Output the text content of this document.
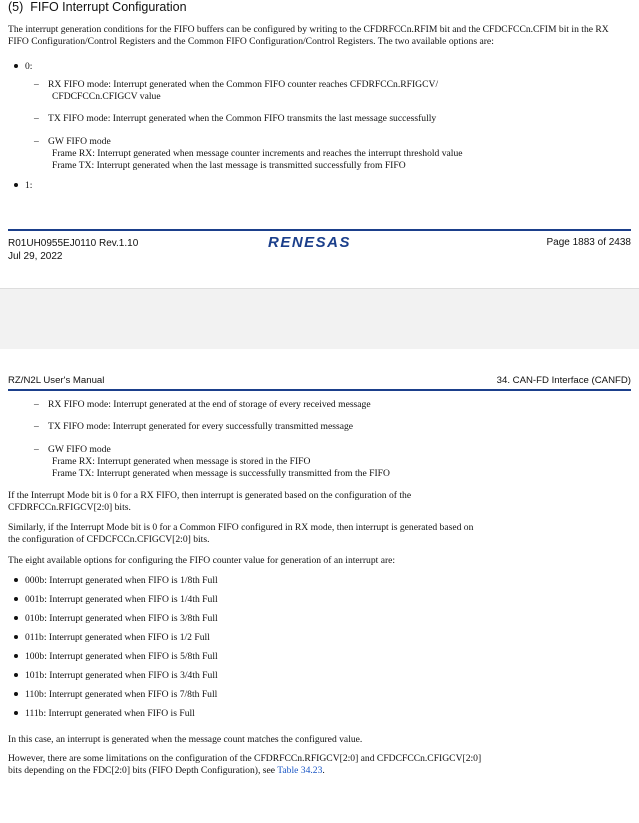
(5)  FIFO Interrupt Configuration
The interrupt generation conditions for the FIFO buffers can be configured by writing to the CFDRFCCn.RFIM bit and the CFDCFCCn.CFIM bit in the RX FIFO Configuration/Control Registers and the Common FIFO Configuration/Control Registers. The two available options are:
0:
– RX FIFO mode: Interrupt generated when the Common FIFO counter reaches CFDRFCCn.RFIGCV/
CFDCFCCn.CFIGCV value
– TX FIFO mode: Interrupt generated when the Common FIFO transmits the last message successfully
– GW FIFO mode
Frame RX: Interrupt generated when message counter increments and reaches the interrupt threshold value
Frame TX: Interrupt generated when the last message is transmitted successfully from FIFO
1:
R01UH0955EJ0110 Rev.1.10
Jul 29, 2022
RENESAS	Page 1883 of 2438
RZ/N2L User's Manual	34. CAN-FD Interface (CANFD)
– RX FIFO mode: Interrupt generated at the end of storage of every received message
– TX FIFO mode: Interrupt generated for every successfully transmitted message
– GW FIFO mode
Frame RX: Interrupt generated when message is stored in the FIFO
Frame TX: Interrupt generated when message is successfully transmitted from the FIFO
If the Interrupt Mode bit is 0 for a RX FIFO, then interrupt is generated based on the configuration of the
CFDRFCCn.RFIGCV[2:0] bits.
Similarly, if the Interrupt Mode bit is 0 for a Common FIFO configured in RX mode, then interrupt is generated based on
the configuration of CFDCFCCn.CFIGCV[2:0] bits.
The eight available options for configuring the FIFO counter value for generation of an interrupt are:
000b: Interrupt generated when FIFO is 1/8th Full
001b: Interrupt generated when FIFO is 1/4th Full
010b: Interrupt generated when FIFO is 3/8th Full
011b: Interrupt generated when FIFO is 1/2 Full
100b: Interrupt generated when FIFO is 5/8th Full
101b: Interrupt generated when FIFO is 3/4th Full
110b: Interrupt generated when FIFO is 7/8th Full
111b: Interrupt generated when FIFO is Full
In this case, an interrupt is generated when the message count matches the configured value.
However, there are some limitations on the configuration of the CFDRFCCn.RFIGCV[2:0] and CFDCFCCn.CFIGCV[2:0]
bits depending on the FDC[2:0] bits (FIFO Depth Configuration), see Table 34.23.
